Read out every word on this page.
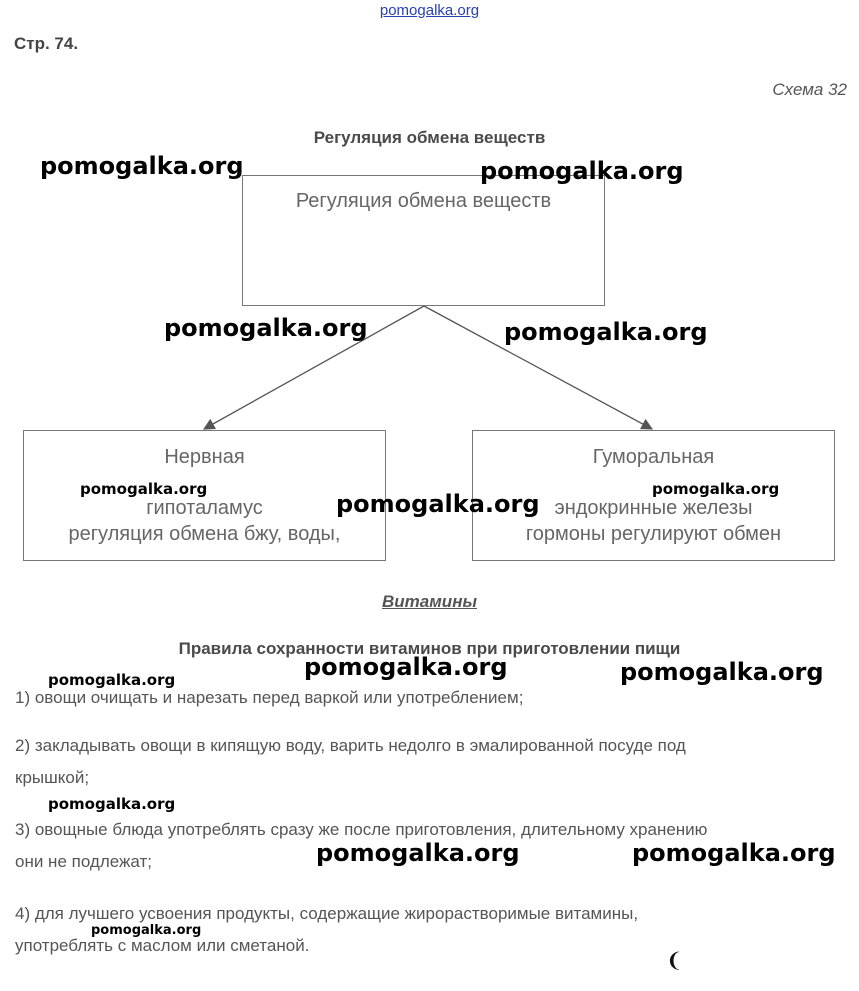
pomogalka.org
Стр. 74.
Схема 32
Регуляция обмена веществ
Регуляция обмена веществ
Нервная
гипоталамус
регуляция обмена бжу, воды,
Гуморальная
эндокринные железы
гормоны регулируют обмен
Витамины
Правила сохранности витаминов при приготовлении пищи
1) овощи очищать и нарезать перед варкой или употреблением;
2) закладывать овощи в кипящую воду, варить недолго в эмалированной посуде под
крышкой;
3) овощные блюда употреблять сразу же после приготовления, длительному хранению
они не подлежат;
4) для лучшего усвоения продукты, содержащие жирорастворимые витамины,
употреблять с маслом или сметаной.
pomogalka.org	pomogalka.org
pomogalka.org	pomogalka.org
pomogalka.org
pomogalka.org
pomogalka.org
pomogalka.org	pomogalka.org	pomogalka.org
pomogalka.org
pomogalka.org	pomogalka.org
pomogalka.org
❨
